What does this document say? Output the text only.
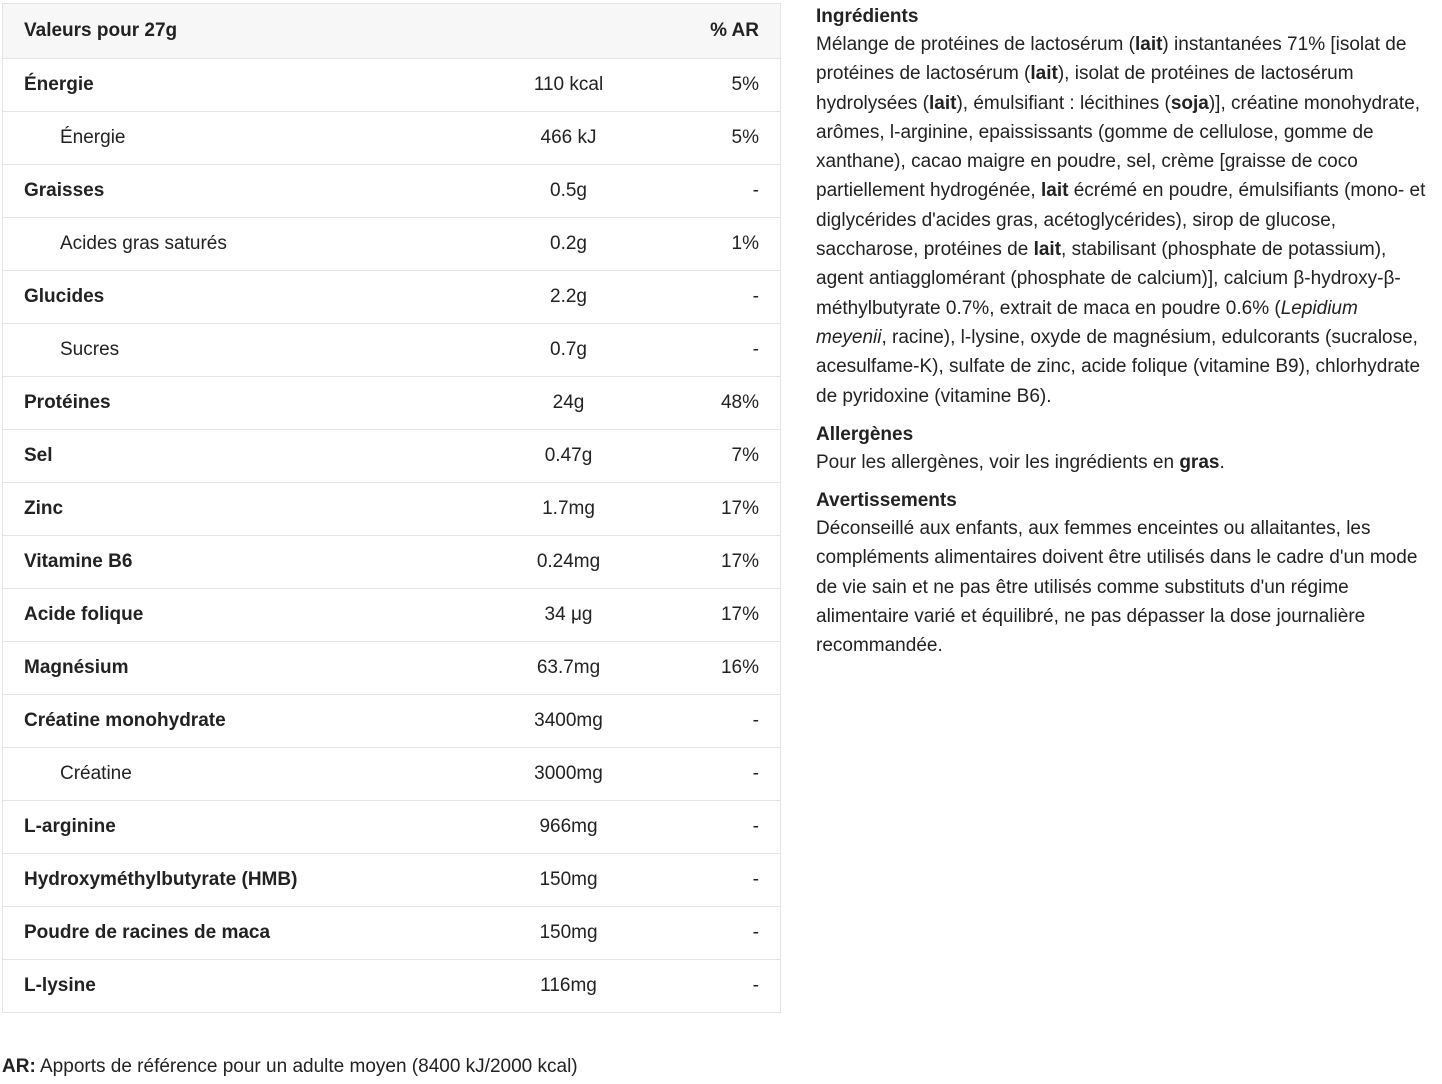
Valeurs pour 27g		% AR
Énergie	110 kcal	5%
Énergie	466 kJ	5%
Graisses	0.5g	-
Acides gras saturés	0.2g	1%
Glucides	2.2g	-
Sucres	0.7g	-
Protéines	24g	48%
Sel	0.47g	7%
Zinc	1.7mg	17%
Vitamine B6	0.24mg	17%
Acide folique	34 μg	17%
Magnésium	63.7mg	16%
Créatine monohydrate	3400mg	-
Créatine	3000mg	-
L-arginine	966mg	-
Hydroxyméthylbutyrate (HMB)	150mg	-
Poudre de racines de maca	150mg	-
L-lysine	116mg	-
AR: Apports de référence pour un adulte moyen (8400 kJ/2000 kcal)
Ingrédients

Mélange de protéines de lactosérum (lait) instantanées 71% [isolat de protéines de lactosérum (lait), isolat de protéines de lactosérum hydrolysées (lait), émulsifiant : lécithines (soja)], créatine monohydrate, arômes, l-arginine, epaississants (gomme de cellulose, gomme de xanthane), cacao maigre en poudre, sel, crème [graisse de coco partiellement hydrogénée, lait écrémé en poudre, émulsifiants (mono- et diglycérides d'acides gras, acétoglycérides), sirop de glucose, saccharose, protéines de lait, stabilisant (phosphate de potassium), agent antiagglomérant (phosphate de calcium)], calcium β-hydroxy-β-méthylbutyrate 0.7%, extrait de maca en poudre 0.6% (Lepidium meyenii, racine), l-lysine, oxyde de magnésium, edulcorants (sucralose, acesulfame-K), sulfate de zinc, acide folique (vitamine B9), chlorhydrate de pyridoxine (vitamine B6).

Allergènes

Pour les allergènes, voir les ingrédients en gras.

Avertissements

Déconseillé aux enfants, aux femmes enceintes ou allaitantes, les compléments alimentaires doivent être utilisés dans le cadre d'un mode de vie sain et ne pas être utilisés comme substituts d'un régime alimentaire varié et équilibré, ne pas dépasser la dose journalière recommandée.
